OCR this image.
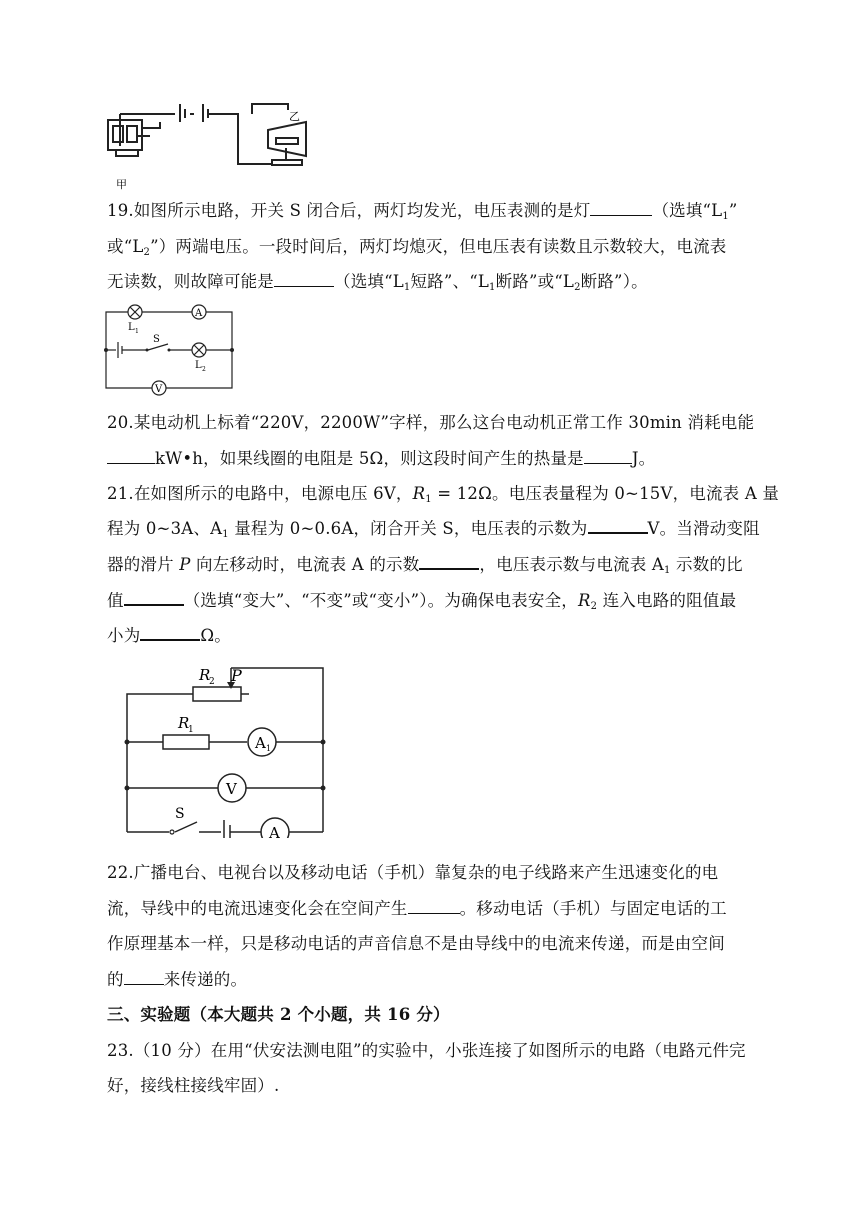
乙
甲
19.如图所示电路，开关 S 闭合后，两灯均发光，电压表测的是灯	（选填“$L_1$”
或“$L_2$”）两端电压。一段时间后，两灯均熄灭，但电压表有读数且示数较大，电流表
无读数，则故障可能是	（选填“$L_1$短路”、“$L_1$断路”或“$L_2$断路”）。
A
V
L 1
S
L 2
20.某电动机上标着“220V，2200W”字样，那么这台电动机正常工作 30min 消耗电能
kW•h，如果线圈的电阻是 5Ω，则这段时间产生的热量是	J。
21.在如图所示的电路中，电源电压 6V，$R_1 = 12\Omega$。电压表量程为 0~15V，电流表 A 量
程为 0~3A、$A_1$ 量程为 0~0.6A，闭合开关 S，电压表的示数为	V。当滑动变阻
器的滑片 P 向左移动时，电流表 A 的示数	，电压表示数与电流表 $A_1$ 示数的比
值	（选填“变大”、“不变”或“变小”）。为确保电表安全，$R_2$ 连入电路的阻值最
小为	Ω。
R
2 P
R
1
A 1
V
S
A
22.广播电台、电视台以及移动电话（手机）靠复杂的电子线路来产生迅速变化的电
流，导线中的电流迅速变化会在空间产生	。移动电话（手机）与固定电话的工
作原理基本一样，只是移动电话的声音信息不是由导线中的电流来传递，而是由空间
的 来传递的。
三、实验题（本大题共 2 个小题，共 16 分）
23.（10 分）在用“伏安法测电阻”的实验中，小张连接了如图所示的电路（电路元件完
好，接线柱接线牢固）.
